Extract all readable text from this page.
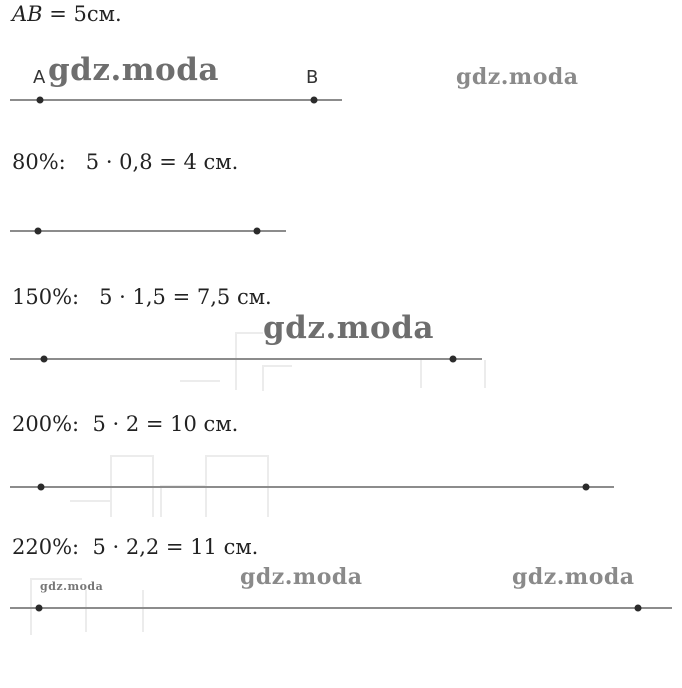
AB = 5см.
A	B
80%:   5 · 0,8 = 4 см.
150%:   5 · 1,5 = 7,5 см.
200%:  5 · 2 = 10 см.
220%:  5 · 2,2 = 11 см.
gdz.moda	gdz.moda
gdz.moda
gdz.moda	gdz.moda
gdz.moda
